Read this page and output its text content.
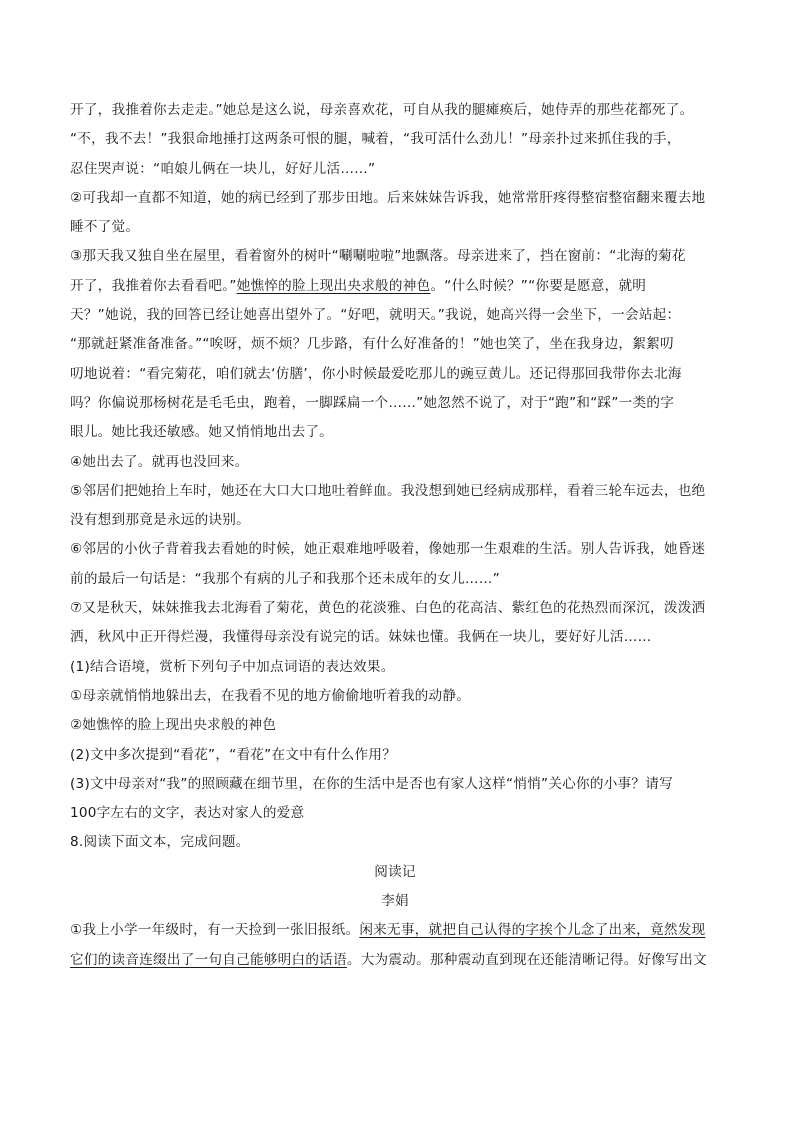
开了，我推着你去走走。”她总是这么说，母亲喜欢花，可自从我的腿瘫痪后，她侍弄的那些花都死了。
“不，我不去！”我狠命地捶打这两条可恨的腿，喊着，“我可活什么劲儿！”母亲扑过来抓住我的手，
忍住哭声说：“咱娘儿俩在一块儿，好好儿活……”
②可我却一直都不知道，她的病已经到了那步田地。后来妹妹告诉我，她常常肝疼得整宿整宿翻来覆去地
睡不了觉。
③那天我又独自坐在屋里，看着窗外的树叶“唰唰啦啦”地飘落。母亲进来了，挡在窗前：“北海的菊花
开了，我推着你去看看吧。”她憔悴的脸上现出央求般的神色。“什么时候？”“你要是愿意，就明
天？”她说，我的回答已经让她喜出望外了。“好吧，就明天。”我说，她高兴得一会坐下，一会站起：
“那就赶紧准备准备。”“唉呀，烦不烦？几步路，有什么好准备的！”她也笑了，坐在我身边，絮絮叨
叨地说着：“看完菊花，咱们就去‘仿膳’，你小时候最爱吃那儿的豌豆黄儿。还记得那回我带你去北海
吗？你偏说那杨树花是毛毛虫，跑着，一脚踩扁一个……”她忽然不说了，对于“跑”和“踩”一类的字
眼儿。她比我还敏感。她又悄悄地出去了。
④她出去了。就再也没回来。
⑤邻居们把她抬上车时，她还在大口大口地吐着鲜血。我没想到她已经病成那样，看着三轮车远去，也绝
没有想到那竟是永远的诀别。
⑥邻居的小伙子背着我去看她的时候，她正艰难地呼吸着，像她那一生艰难的生活。别人告诉我，她昏迷
前的最后一句话是：“我那个有病的儿子和我那个还未成年的女儿……”
⑦又是秋天，妹妹推我去北海看了菊花，黄色的花淡雅、白色的花高洁、紫红色的花热烈而深沉，泼泼洒
洒，秋风中正开得烂漫，我懂得母亲没有说完的话。妹妹也懂。我俩在一块儿，要好好儿活……
(1)结合语境，赏析下列句子中加点词语的表达效果。
①母亲就悄悄地躲出去，在我看不见的地方偷偷地听着我的动静。
②她憔悴的脸上现出央求般的神色
(2)文中多次提到“看花”，“看花”在文中有什么作用？
(3)文中母亲对“我”的照顾藏在细节里，在你的生活中是否也有家人这样“悄悄”关心你的小事？请写
100字左右的文字，表达对家人的爱意
8.阅读下面文本，完成问题。
阅读记
李娟
①我上小学一年级时，有一天捡到一张旧报纸。闲来无事，就把自己认得的字挨个儿念了出来，竟然发现
它们的读音连缀出了一句自己能够明白的话语。大为震动。那种震动直到现在还能清晰记得。好像写出文
